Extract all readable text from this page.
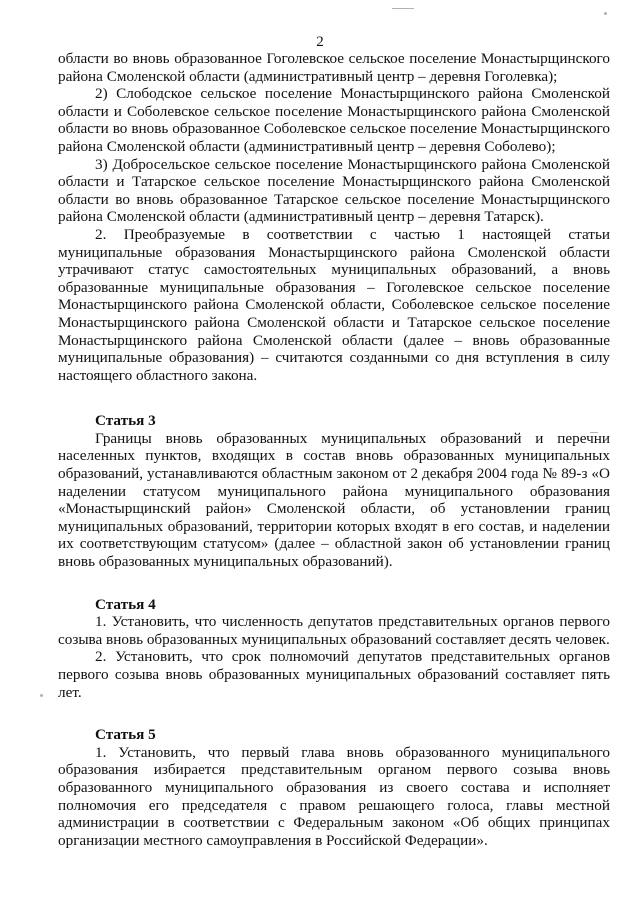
2

области во вновь образованное Гоголевское сельское поселение Монастырщинского района Смоленской области (административный центр – деревня Гоголевка);

2) Слободское сельское поселение Монастырщинского района Смоленской области и Соболевское сельское поселение Монастырщинского района Смоленской области во вновь образованное Соболевское сельское поселение Монастырщинского района Смоленской области (административный центр – деревня Соболево);

3) Добросельское сельское поселение Монастырщинского района Смоленской области и Татарское сельское поселение Монастырщинского района Смоленской области во вновь образованное Татарское сельское поселение Монастырщинского района Смоленской области (административный центр – деревня Татарск).

2. Преобразуемые в соответствии с частью 1 настоящей статьи муниципальные образования Монастырщинского района Смоленской области утрачивают статус самостоятельных муниципальных образований, а вновь образованные муниципальные образования – Гоголевское сельское поселение Монастырщинского района Смоленской области, Соболевское сельское поселение Монастырщинского района Смоленской области и Татарское сельское поселение Монастырщинского района Смоленской области (далее – вновь образованные муниципальные образования) – считаются созданными со дня вступления в силу настоящего областного закона.

Статья 3

Границы вновь образованных муниципальных образований и перечни населенных пунктов, входящих в состав вновь образованных муниципальных образований, устанавливаются областным законом от 2 декабря 2004 года № 89-з «О наделении статусом муниципального района муниципального образования «Монастырщинский район» Смоленской области, об установлении границ муниципальных образований, территории которых входят в его состав, и наделении их соответствующим статусом» (далее – областной закон об установлении границ вновь образованных муниципальных образований).

Статья 4

1. Установить, что численность депутатов представительных органов первого созыва вновь образованных муниципальных образований составляет десять человек.

2. Установить, что срок полномочий депутатов представительных органов первого созыва вновь образованных муниципальных образований составляет пять лет.

Статья 5

1. Установить, что первый глава вновь образованного муниципального образования избирается представительным органом первого созыва вновь образованного муниципального образования из своего состава и исполняет полномочия его председателя с правом решающего голоса, главы местной администрации в соответствии с Федеральным законом «Об общих принципах организации местного самоуправления в Российской Федерации».
